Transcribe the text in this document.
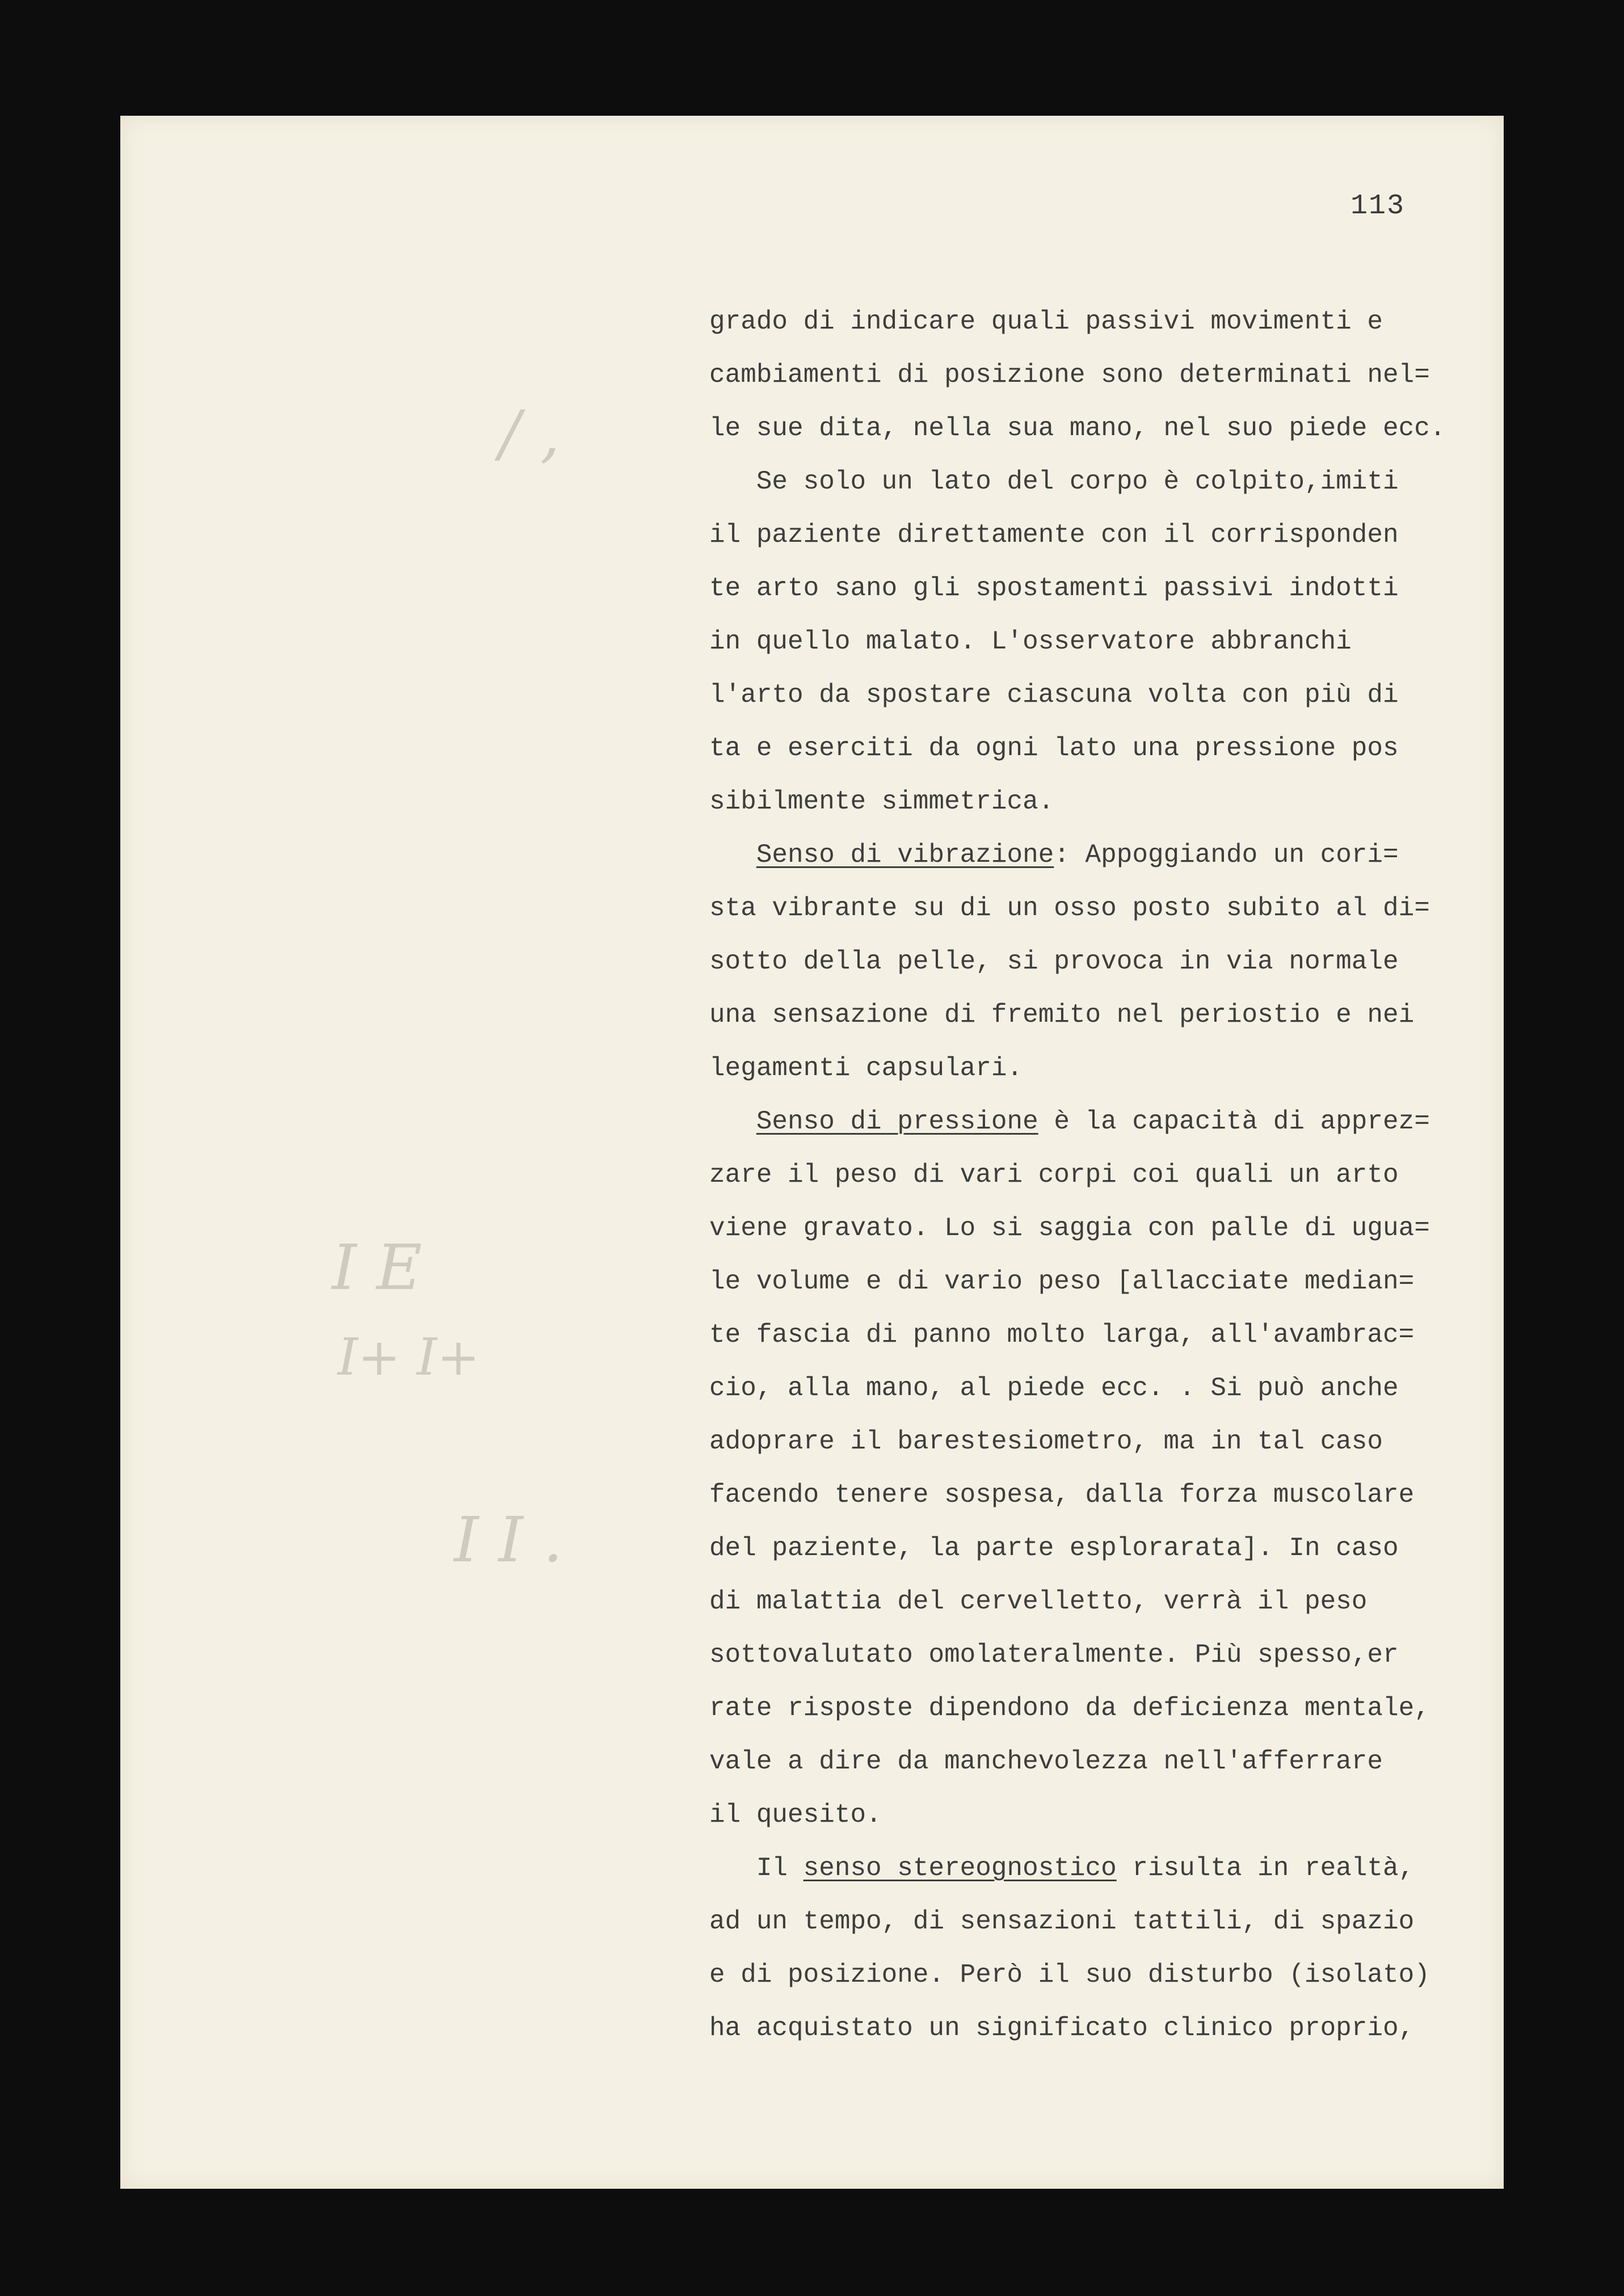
113
/ ,
I E
I+ I+
I I .
grado di indicare quali passivi movimenti e
cambiamenti di posizione sono determinati nel=
le sue dita, nella sua mano, nel suo piede ecc.
Se solo un lato del corpo è colpito,imiti
il paziente direttamente con il corrisponden
te arto sano gli spostamenti passivi indotti
in quello malato. L'osservatore abbranchi
l'arto da spostare ciascuna volta con più di
ta e eserciti da ogni lato una pressione pos
sibilmente simmetrica.
Senso di vibrazione: Appoggiando un cori=
sta vibrante su di un osso posto subito al di=
sotto della pelle, si provoca in via normale
una sensazione di fremito nel periostio e nei
legamenti capsulari.
Senso di pressione è la capacità di apprez=
zare il peso di vari corpi coi quali un arto
viene gravato. Lo si saggia con palle di ugua=
le volume e di vario peso [allacciate median=
te fascia di panno molto larga, all'avambrac=
cio, alla mano, al piede ecc. . Si può anche
adoprare il barestesiometro, ma in tal caso
facendo tenere sospesa, dalla forza muscolare
del paziente, la parte esplorarata]. In caso
di malattia del cervelletto, verrà il peso
sottovalutato omolateralmente. Più spesso,er
rate risposte dipendono da deficienza mentale,
vale a dire da manchevolezza nell'afferrare
il quesito.
Il senso stereognostico risulta in realtà,
ad un tempo, di sensazioni tattili, di spazio
e di posizione. Però il suo disturbo (isolato)
ha acquistato un significato clinico proprio,
